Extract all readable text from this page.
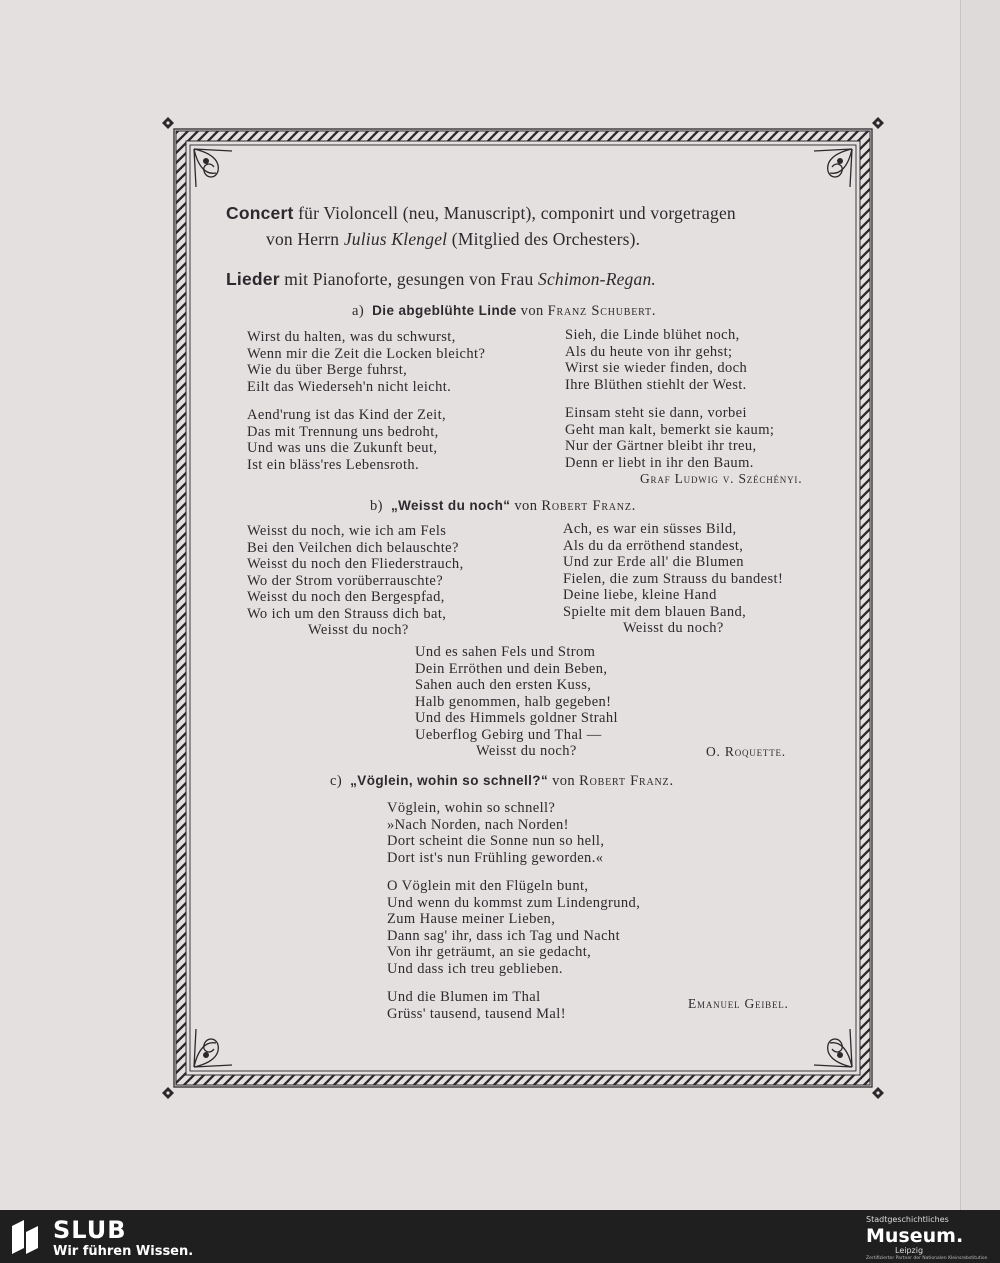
Concert für Violoncell (neu, Manuscript), componirt und vorgetragen
von Herrn Julius Klengel (Mitglied des Orchesters).
Lieder mit Pianoforte, gesungen von Frau Schimon-Regan.
a) Die abgeblühte Linde von Franz Schubert.
Wirst du halten, was du schwurst,
Wenn mir die Zeit die Locken bleicht?
Wie du über Berge fuhrst,
Eilt das Wiederseh'n nicht leicht.
Aend'rung ist das Kind der Zeit,
Das mit Trennung uns bedroht,
Und was uns die Zukunft beut,
Ist ein bläss'res Lebensroth.
Sieh, die Linde blühet noch,
Als du heute von ihr gehst;
Wirst sie wieder finden, doch
Ihre Blüthen stiehlt der West.
Einsam steht sie dann, vorbei
Geht man kalt, bemerkt sie kaum;
Nur der Gärtner bleibt ihr treu,
Denn er liebt in ihr den Baum.
Graf Ludwig v. Széchényi.
b) „Weisst du noch“ von Robert Franz.
Weisst du noch, wie ich am Fels
Bei den Veilchen dich belauschte?
Weisst du noch den Fliederstrauch,
Wo der Strom vorüberrauschte?
Weisst du noch den Bergespfad,
Wo ich um den Strauss dich bat,
Weisst du noch?
Ach, es war ein süsses Bild,
Als du da erröthend standest,
Und zur Erde all' die Blumen
Fielen, die zum Strauss du bandest!
Deine liebe, kleine Hand
Spielte mit dem blauen Band,
Weisst du noch?
Und es sahen Fels und Strom
Dein Erröthen und dein Beben,
Sahen auch den ersten Kuss,
Halb genommen, halb gegeben!
Und des Himmels goldner Strahl
Ueberflog Gebirg und Thal —
Weisst du noch?	O. Roquette.
c) „Vöglein, wohin so schnell?“ von Robert Franz.
Vöglein, wohin so schnell?
»Nach Norden, nach Norden!
Dort scheint die Sonne nun so hell,
Dort ist's nun Frühling geworden.«
O Vöglein mit den Flügeln bunt,
Und wenn du kommst zum Lindengrund,
Zum Hause meiner Lieben,
Dann sag' ihr, dass ich Tag und Nacht
Von ihr geträumt, an sie gedacht,
Und dass ich treu geblieben.
Und die Blumen im Thal
Grüss' tausend, tausend Mal!
Emanuel Geibel.
SLUB
Wir führen Wissen.
Stadtgeschichtliches
Museum.
Leipzig
Zertifizierter Partner der Nationalen Kleinsrebstitution
